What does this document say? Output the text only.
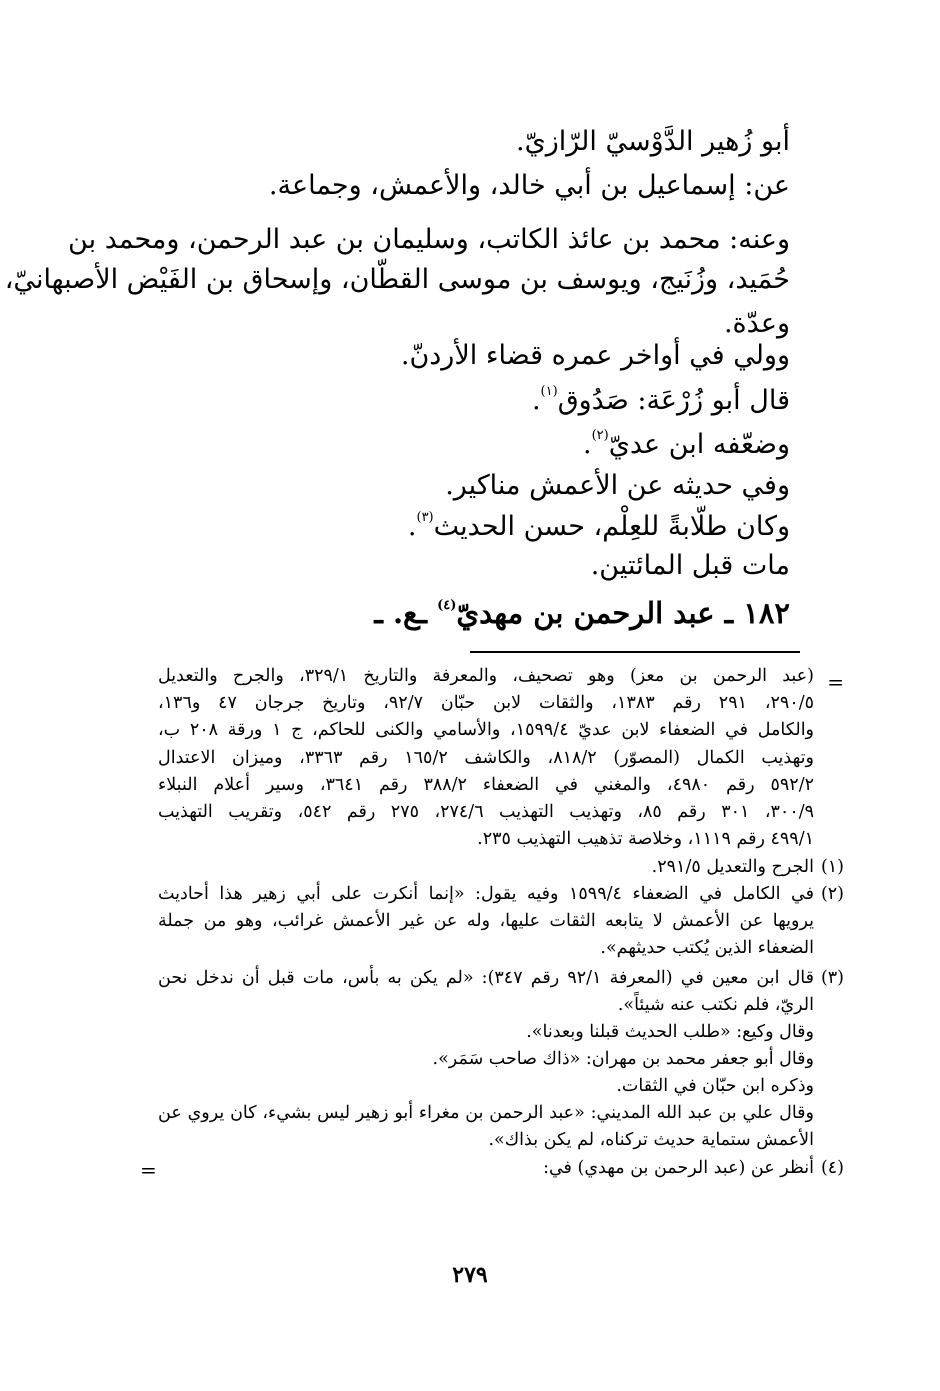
أبو زُهير الدَّوْسيّ الرّازيّ.
عن: إسماعيل بن أبي خالد، والأعمش، وجماعة.
وعنه: محمد بن عائذ الكاتب، وسليمان بن عبد الرحمن، ومحمد بن
حُمَيد، وزُنَيج، ويوسف بن موسى القطّان، وإسحاق بن الفَيْض الأصبهانيّ،
وعدّة.
وولي في أواخر عمره قضاء الأردنّ.
قال أبو زُرْعَة: صَدُوق$^{(١)}$.
وضعّفه ابن عديّ$^{(٢)}$.
وفي حديثه عن الأعمش مناكير.
وكان طلّابةً للعِلْم، حسن الحديث$^{(٣)}$.
مات قبل المائتين.
١٨٢ ـ عبد الرحمن بن مهديّ$^{(٤)}$ ـع. ـ
=
(عبد الرحمن بن معز) وهو تصحيف، والمعرفة والتاريخ ٣٢٩/١، والجرح والتعديل
٢٩٠/٥، ٢٩١ رقم ١٣٨٣، والثقات لابن حبّان ٩٢/٧، وتاريخ جرجان ٤٧ و١٣٦،
والكامل في الضعفاء لابن عديّ ١٥٩٩/٤، والأسامي والكنى للحاكم، ج ١ ورقة ٢٠٨ ب،
وتهذيب الكمال (المصوّر) ٨١٨/٢، والكاشف ١٦٥/٢ رقم ٣٣٦٣، وميزان الاعتدال
٥٩٢/٢ رقم ٤٩٨٠، والمغني في الضعفاء ٣٨٨/٢ رقم ٣٦٤١، وسير أعلام النبلاء
٣٠٠/٩، ٣٠١ رقم ٨٥، وتهذيب التهذيب ٢٧٤/٦، ٢٧٥ رقم ٥٤٢، وتقريب التهذيب
٤٩٩/١ رقم ١١١٩، وخلاصة تذهيب التهذيب ٢٣٥.
(١)
الجرح والتعديل ٢٩١/٥.
(٢)
في الكامل في الضعفاء ١٥٩٩/٤ وفيه يقول: «إنما أنكرت على أبي زهير هذا أحاديث
يرويها عن الأعمش لا يتابعه الثقات عليها، وله عن غير الأعمش غرائب، وهو من جملة
الضعفاء الذين يُكتب حديثهم».
(٣)
قال ابن معين في (المعرفة ٩٢/١ رقم ٣٤٧): «لم يكن به بأس، مات قبل أن ندخل نحن
الريّ، فلم نكتب عنه شيئاً».
وقال وكيع: «طلب الحديث قبلنا وبعدنا».
وقال أبو جعفر محمد بن مهران: «ذاك صاحب سَمَر».
وذكره ابن حبّان في الثقات.
وقال علي بن عبد الله المديني: «عبد الرحمن بن مغراء أبو زهير ليس بشيء، كان يروي عن
الأعمش ستماية حديث تركناه، لم يكن بذاك».
(٤)
أنظر عن (عبد الرحمن بن مهدي) في:
=
٢٧٩
